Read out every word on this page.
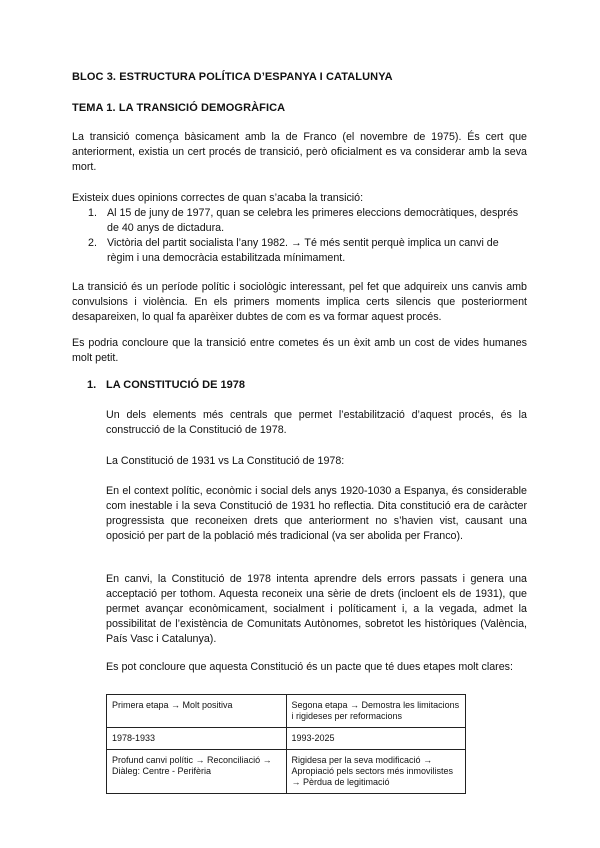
BLOC 3. ESTRUCTURA POLÍTICA D’ESPANYA I CATALUNYA
TEMA 1. LA TRANSICIÓ DEMOGRÀFICA

La transició comença bàsicament amb la de Franco (el novembre de 1975). És cert que anteriorment, existia un cert procés de transició, però oficialment es va considerar amb la seva mort.

Existeix dues opinions correctes de quan s’acaba la transició:

1. Al 15 de juny de 1977, quan se celebra les primeres eleccions democràtiques, després de 40 anys de dictadura.
2. Victòria del partit socialista l’any 1982. → Té més sentit perquè implica un canvi de règim i una democràcia estabilitzada mínimament.

La transició és un període polític i sociològic interessant, pel fet que adquireix uns canvis amb convulsions i violència. En els primers moments implica certs silencis que posteriorment desapareixen, lo qual fa aparèixer dubtes de com es va formar aquest procés.

Es podria concloure que la transició entre cometes és un èxit amb un cost de vides humanes molt petit.

1. LA CONSTITUCIÓ DE 1978

Un dels elements més centrals que permet l’estabilització d’aquest procés, és la construcció de la Constitució de 1978.

La Constitució de 1931 vs La Constitució de 1978:

En el context polític, econòmic i social dels anys 1920-1030 a Espanya, és considerable com inestable i la seva Constitució de 1931 ho reflectia. Dita constitució era de caràcter progressista que reconeixen drets que anteriorment no s’havien vist, causant una oposició per part de la població més tradicional (va ser abolida per Franco).

En canvi, la Constitució de 1978 intenta aprendre dels errors passats i genera una acceptació per tothom. Aquesta reconeix una sèrie de drets (incloent els de 1931), que permet avançar econòmicament, socialment i políticament i, a la vegada, admet la possibilitat de l’existència de Comunitats Autònomes, sobretot les històriques (València, País Vasc i Catalunya).

Es pot concloure que aquesta Constitució és un pacte que té dues etapes molt clares:

Primera etapa → Molt positiva	Segona etapa → Demostra les limitacions i rigideses per reformacions
1978-1933	1993-2025
Profund canvi polític → Reconciliació → Diàleg: Centre - Perifèria	Rigidesa per la seva modificació → Apropiació pels sectors més inmovilistes → Pèrdua de legitimació
